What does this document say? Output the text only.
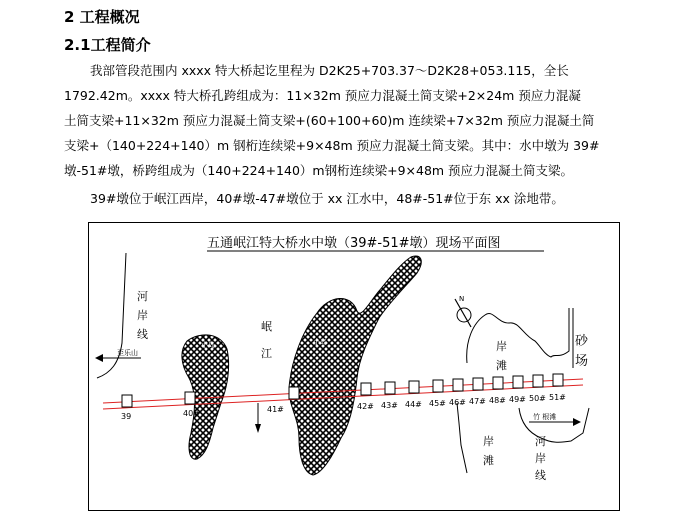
2 工程概况
2.1工程简介
我部管段范围内 xxxx 特大桥起讫里程为 D2K25+703.37～D2K28+053.115，全长
1792.42m。xxxx 特大桥孔跨组成为：11×32m 预应力混凝土简支梁+2×24m 预应力混凝
土简支梁+11×32m 预应力混凝土简支梁+(60+100+60)m 连续梁+7×32m 预应力混凝土简
支梁+（140+224+140）m 钢桁连续梁+9×48m 预应力混凝土简支梁。其中：水中墩为 39#
墩-51#墩，桥跨组成为（140+224+140）m钢桁连续梁+9×48m 预应力混凝土简支梁。
39#墩位于岷江西岸，40#墩-47#墩位于 xx 江水中，48#-51#位于东 xx 涂地带。
五通岷江特大桥水中墩（39#-51#墩）现场平面图
河 岸 线
至乐山
小岛
岷 江
小岛
N
岸 滩
砂 场
岸 滩
河 岸 线
竹 根滩
39	40#	41#	42# 43# 44# 45# 46# 47# 48# 49# 50# 51#
